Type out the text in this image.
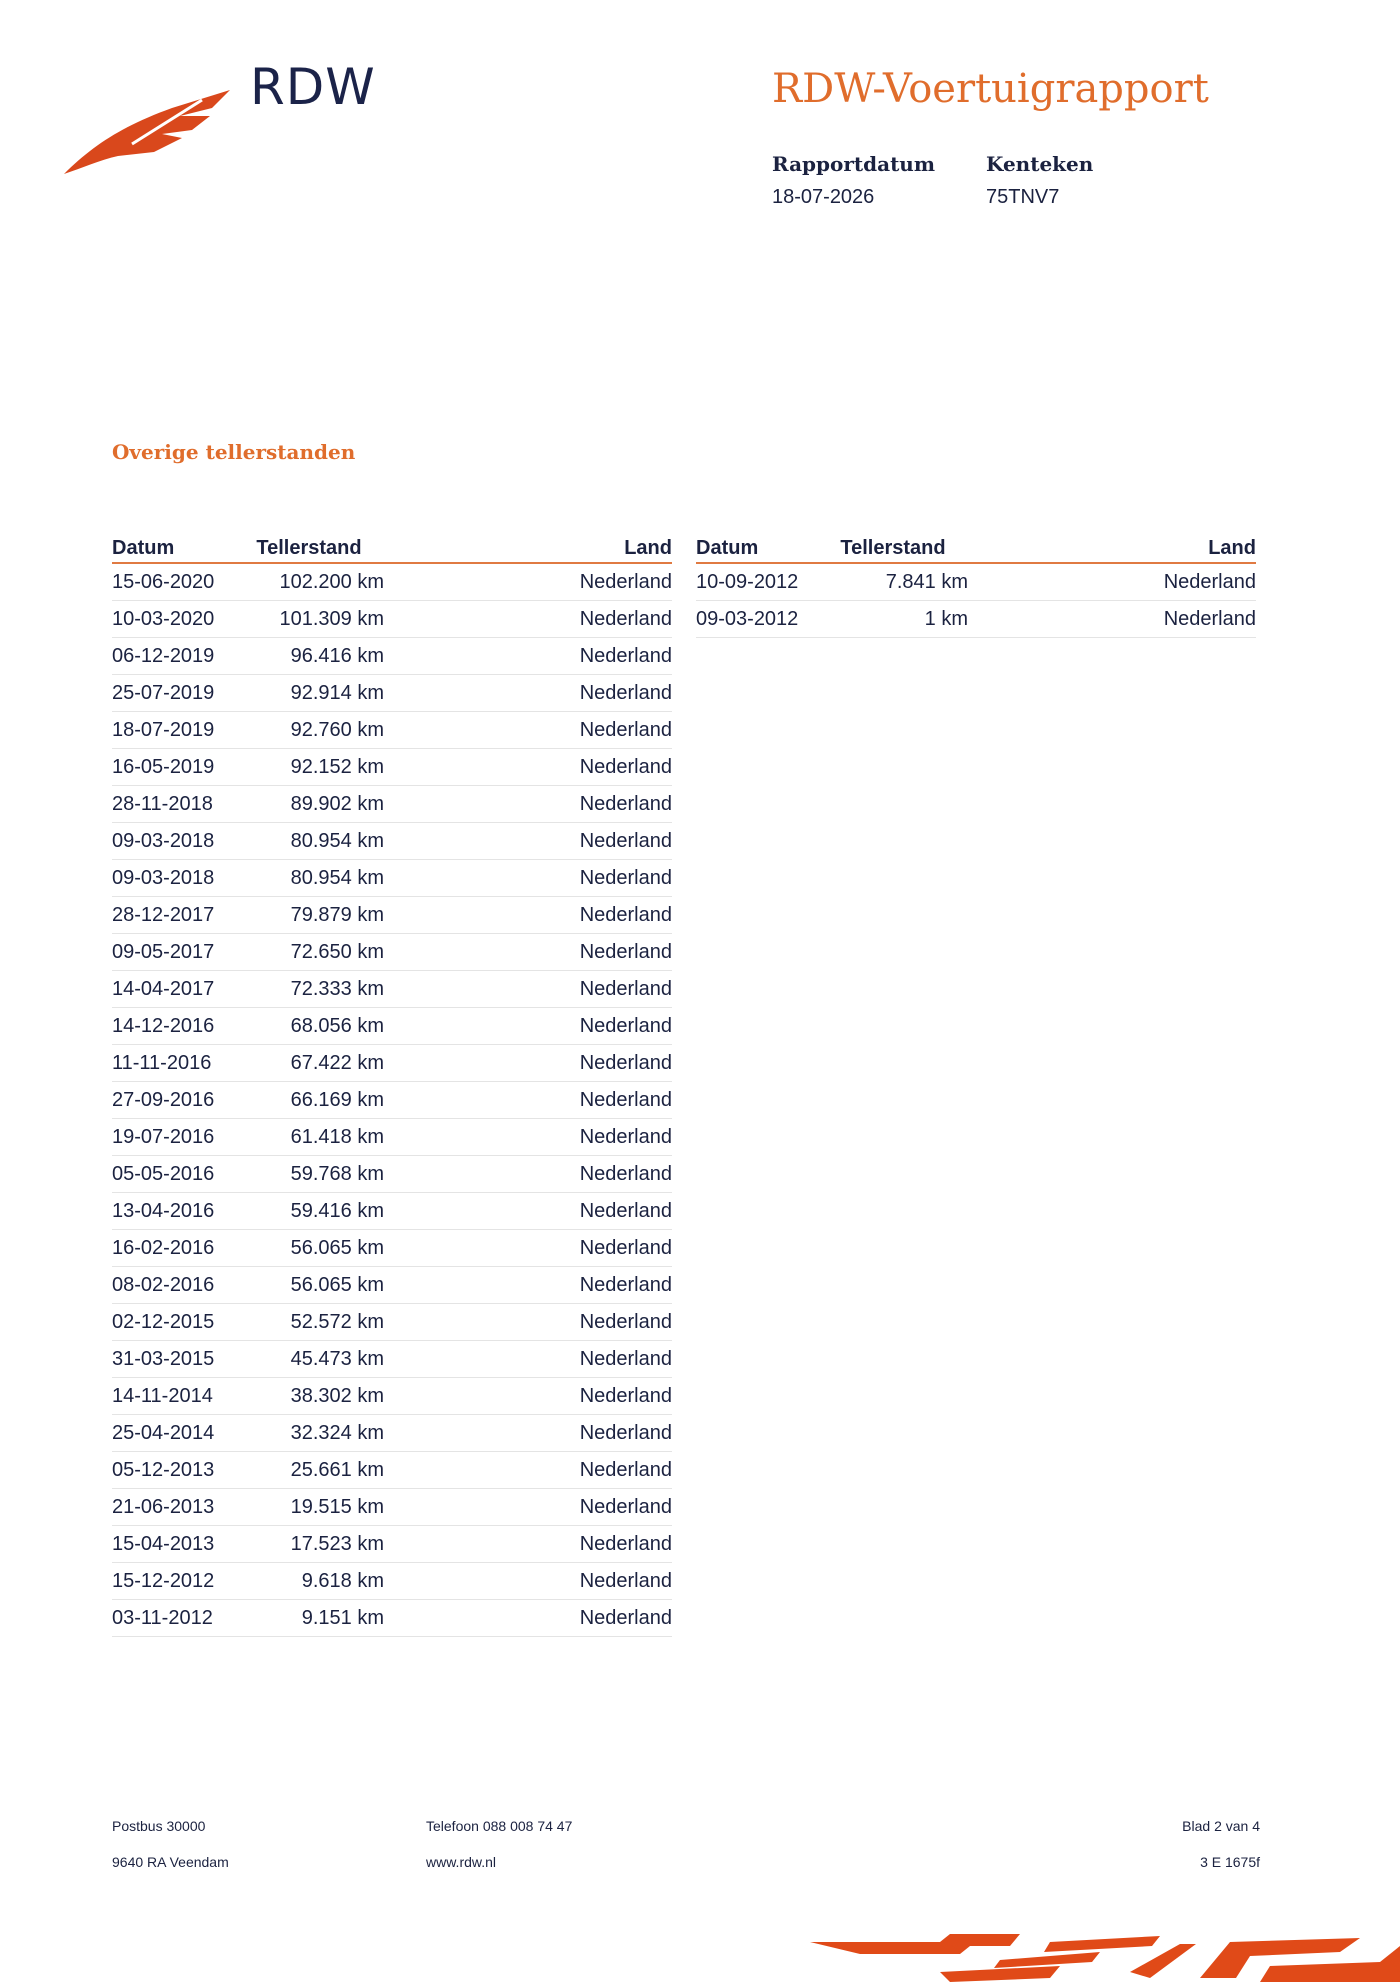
RDW	RDW-Voertuigrapport
Rapportdatum
18-07-2026
Kenteken
75TNV7
Overige tellerstanden
Datum	Tellerstand	Land
15-06-2020	102.200 km	Nederland
10-03-2020	101.309 km	Nederland
06-12-2019	96.416 km	Nederland
25-07-2019	92.914 km	Nederland
18-07-2019	92.760 km	Nederland
16-05-2019	92.152 km	Nederland
28-11-2018	89.902 km	Nederland
09-03-2018	80.954 km	Nederland
09-03-2018	80.954 km	Nederland
28-12-2017	79.879 km	Nederland
09-05-2017	72.650 km	Nederland
14-04-2017	72.333 km	Nederland
14-12-2016	68.056 km	Nederland
11-11-2016	67.422 km	Nederland
27-09-2016	66.169 km	Nederland
19-07-2016	61.418 km	Nederland
05-05-2016	59.768 km	Nederland
13-04-2016	59.416 km	Nederland
16-02-2016	56.065 km	Nederland
08-02-2016	56.065 km	Nederland
02-12-2015	52.572 km	Nederland
31-03-2015	45.473 km	Nederland
14-11-2014	38.302 km	Nederland
25-04-2014	32.324 km	Nederland
05-12-2013	25.661 km	Nederland
21-06-2013	19.515 km	Nederland
15-04-2013	17.523 km	Nederland
15-12-2012	9.618 km	Nederland
03-11-2012	9.151 km	Nederland
Datum	Tellerstand	Land
10-09-2012	7.841 km	Nederland
09-03-2012	1 km	Nederland
Postbus 30000
9640 RA Veendam
Telefoon 088 008 74 47
www.rdw.nl
Blad 2 van 4
3 E 1675f
